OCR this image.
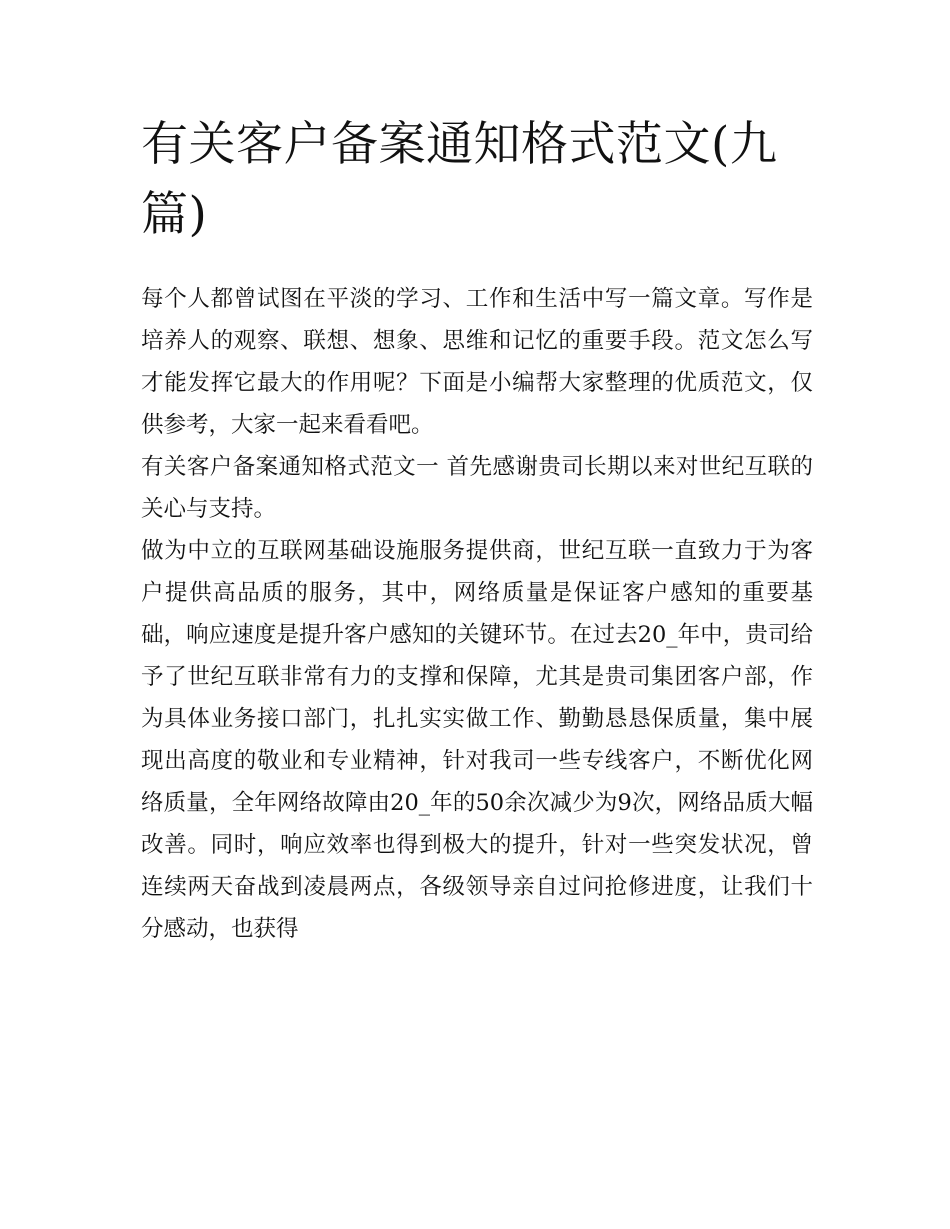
有关客户备案通知格式范文(九篇)

每个人都曾试图在平淡的学习、工作和生活中写一篇文章。写作是培养人的观察、联想、想象、思维和记忆的重要手段。范文怎么写才能发挥它最大的作用呢？下面是小编帮大家整理的优质范文，仅供参考，大家一起来看看吧。

有关客户备案通知格式范文一 首先感谢贵司长期以来对世纪互联的关心与支持。

做为中立的互联网基础设施服务提供商，世纪互联一直致力于为客户提供高品质的服务，其中，网络质量是保证客户感知的重要基础，响应速度是提升客户感知的关键环节。在过去20_年中，贵司给予了世纪互联非常有力的支撑和保障，尤其是贵司集团客户部，作为具体业务接口部门，扎扎实实做工作、勤勤恳恳保质量，集中展现出高度的敬业和专业精神，针对我司一些专线客户，不断优化网络质量，全年网络故障由20_年的50余次减少为9次，网络品质大幅改善。同时，响应效率也得到极大的提升，针对一些突发状况，曾连续两天奋战到凌晨两点，各级领导亲自过问抢修进度，让我们十分感动，也获得
